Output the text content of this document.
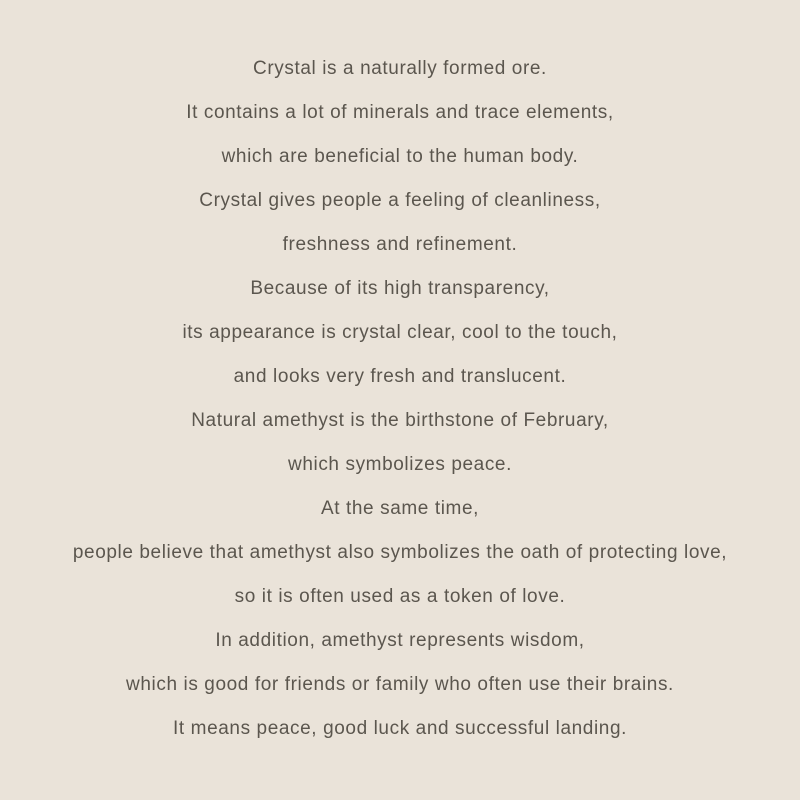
Crystal is a naturally formed ore.
It contains a lot of minerals and trace elements,
which are beneficial to the human body.
Crystal gives people a feeling of cleanliness,
freshness and refinement.
Because of its high transparency,
its appearance is crystal clear, cool to the touch,
and looks very fresh and translucent.
Natural amethyst is the birthstone of February,
which symbolizes peace.
At the same time,
people believe that amethyst also symbolizes the oath of protecting love,
so it is often used as a token of love.
In addition, amethyst represents wisdom,
which is good for friends or family who often use their brains.
It means peace, good luck and successful landing.
